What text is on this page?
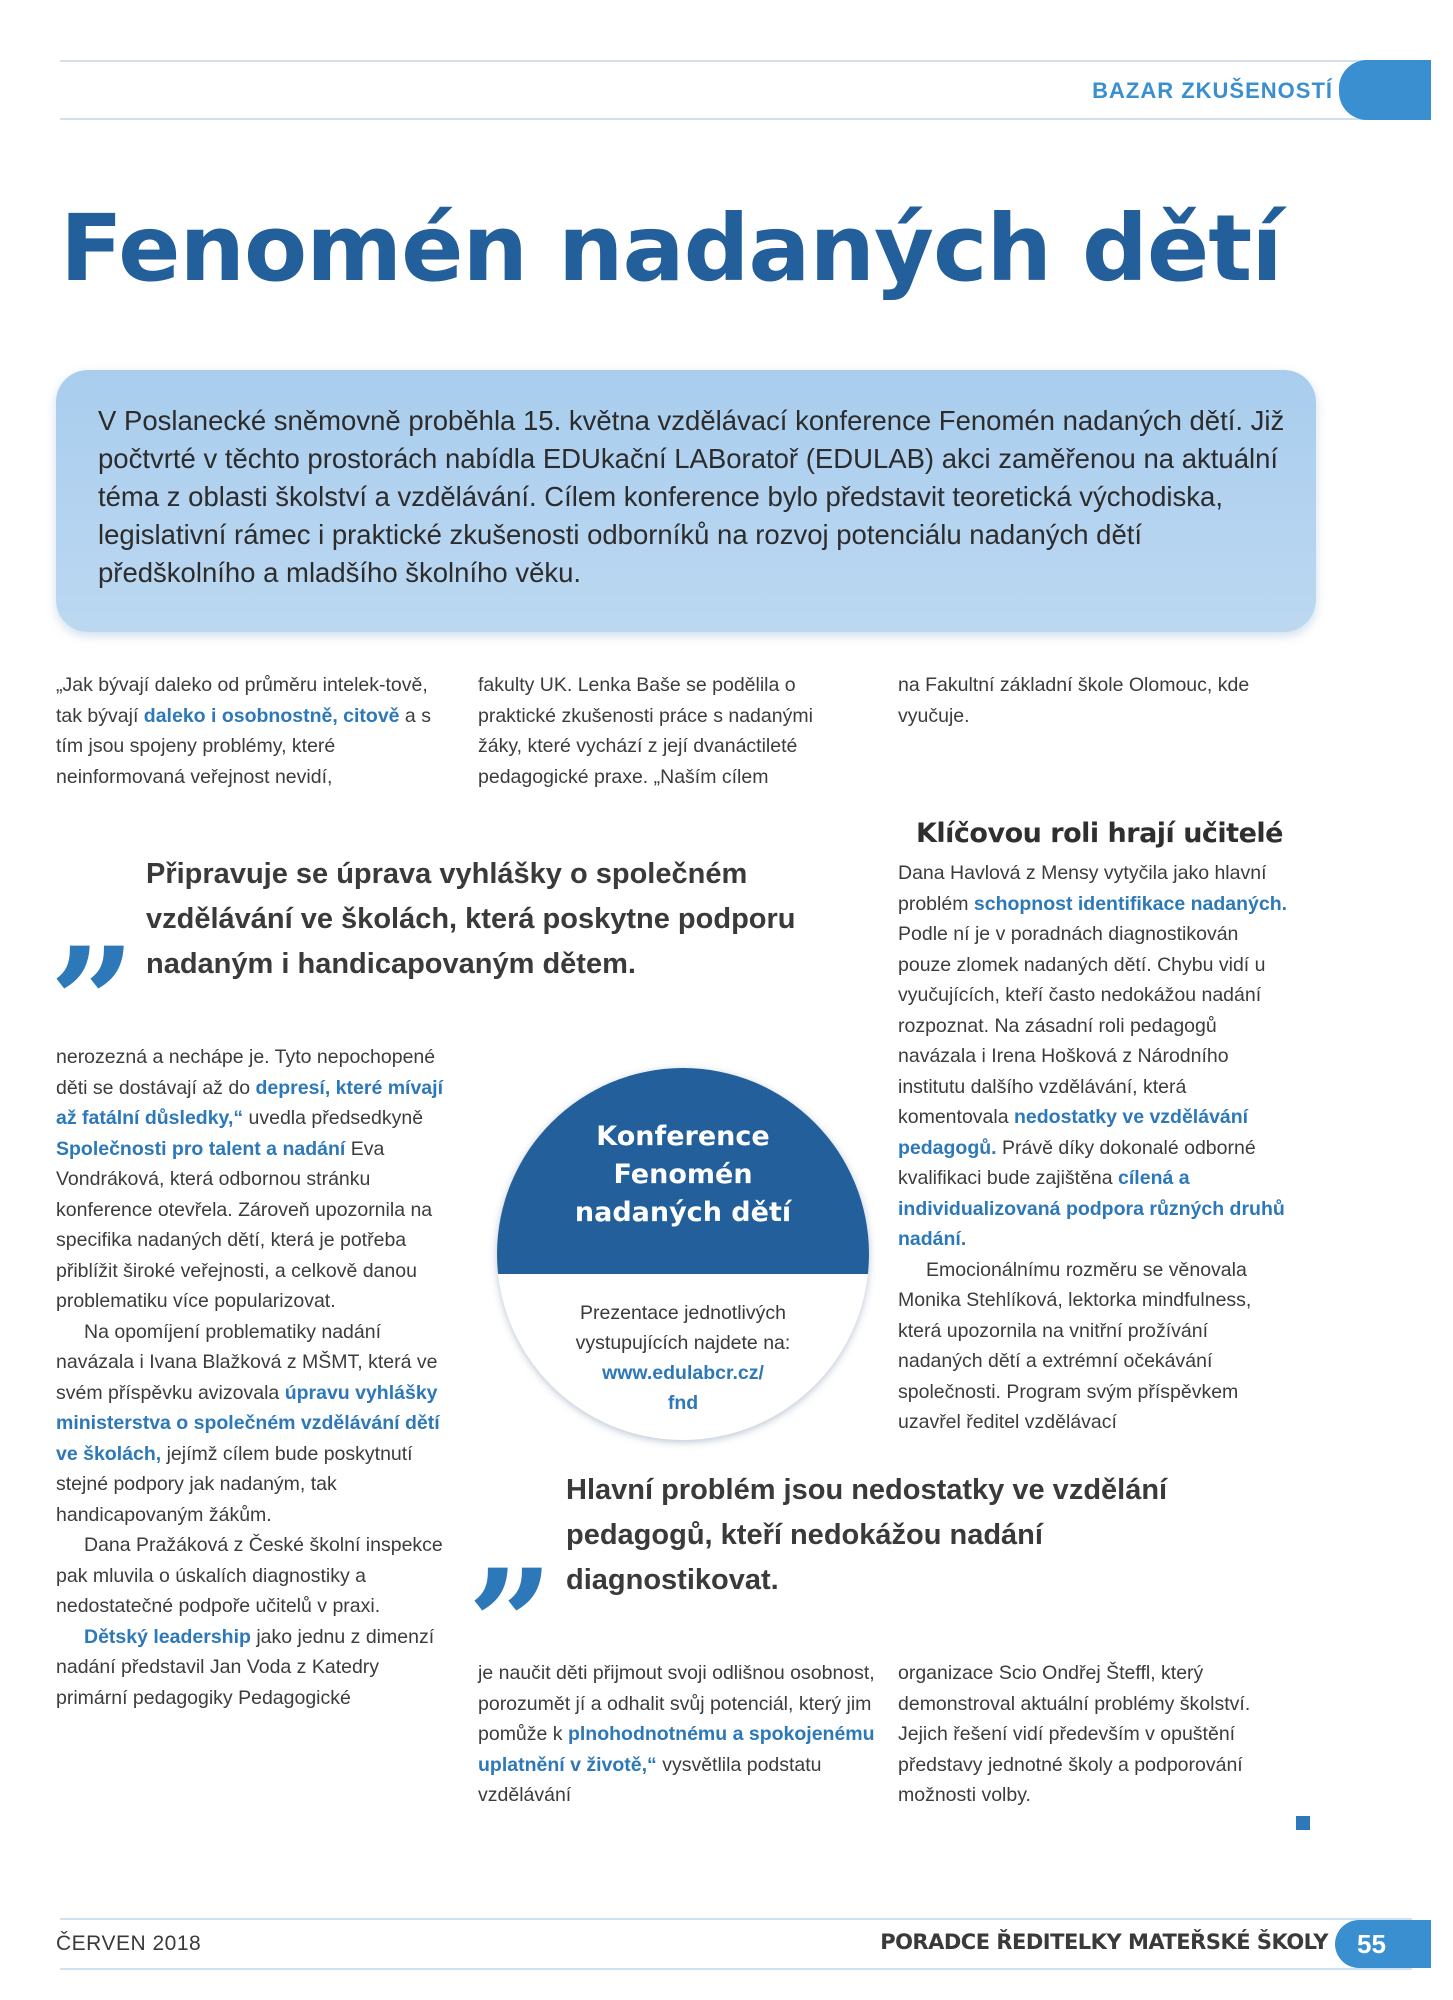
BAZAR ZKUŠENOSTÍ
Fenomén nadaných dětí
V Poslanecké sněmovně proběhla 15. května vzdělávací konference Fenomén nadaných dětí. Již počtvrté v těchto prostorách nabídla EDUkační LABoratoř (EDULAB) akci zaměřenou na aktuální téma z oblasti školství a vzdělávání. Cílem konference bylo představit teoretická východiska, legislativní rámec i praktické zkušenosti odborníků na rozvoj potenciálu nadaných dětí předškolního a mladšího školního věku.

„Jak bývají daleko od průměru intelek-tově, tak bývají daleko i osobnostně, citově a s tím jsou spojeny problémy, které neinformovaná veřejnost nevidí,

fakulty UK. Lenka Baše se podělila o praktické zkušenosti práce s nadanými žáky, které vychází z její dvanáctileté pedagogické praxe. „Naším cílem

na Fakultní základní škole Olomouc, kde vyučuje.

Klíčovou roli hrají učitelé

Dana Havlová z Mensy vytyčila jako hlavní problém schopnost identifikace nadaných. Podle ní je v poradnách diagnostikován pouze zlomek nadaných dětí. Chybu vidí u vyučujících, kteří často nedokážou nadání rozpoznat. Na zásadní roli pedagogů navázala i Irena Hošková z Národního institutu dalšího vzdělávání, která komentovala nedostatky ve vzdělávání pedagogů. Právě díky dokonalé odborné kvalifikaci bude zajištěna cílená a individualizovaná podpora různých druhů nadání.

Emocionálnímu rozměru se věnovala Monika Stehlíková, lektorka mindfulness, která upozornila na vnitřní prožívání nadaných dětí a extrémní očekávání společnosti. Program svým příspěvkem uzavřel ředitel vzdělávací

„ Připravuje se úprava vyhlášky o společném vzdělávání ve školách, která poskytne podporu nadaným i handicapovaným dětem.

nerozezná a nechápe je. Tyto nepochopené děti se dostávají až do depresí, které mívají až fatální důsledky,“ uvedla předsedkyně Společnosti pro talent a nadání Eva Vondráková, která odbornou stránku konference otevřela. Zároveň upozornila na specifika nadaných dětí, která je potřeba přiblížit široké veřejnosti, a celkově danou problematiku více popularizovat.

Na opomíjení problematiky nadání navázala i Ivana Blažková z MŠMT, která ve svém příspěvku avizovala úpravu vyhlášky ministerstva o společném vzdělávání dětí ve školách, jejímž cílem bude poskytnutí stejné podpory jak nadaným, tak handicapovaným žákům.

Dana Pražáková z České školní inspekce pak mluvila o úskalích diagnostiky a nedostatečné podpoře učitelů v praxi.

Dětský leadership jako jednu z dimenzí nadání představil Jan Voda z Katedry primární pedagogiky Pedagogické

Konference
Fenomén
nadaných dětí
Prezentace jednotlivých vystupujících najdete na:
www.edulabcr.cz/
fnd
„ Hlavní problém jsou nedostatky ve vzdělání pedagogů, kteří nedokážou nadání diagnostikovat.

je naučit děti přijmout svoji odlišnou osobnost, porozumět jí a odhalit svůj potenciál, který jim pomůže k plnohodnotnému a spokojenému uplatnění v životě,“ vysvětlila podstatu vzdělávání

organizace Scio Ondřej Šteffl, který demonstroval aktuální problémy školství. Jejich řešení vidí především v opuštění představy jednotné školy a podporování možnosti volby.

ČERVEN 2018	PORADCE ŘEDITELKY MATEŘSKÉ ŠKOLY	55
